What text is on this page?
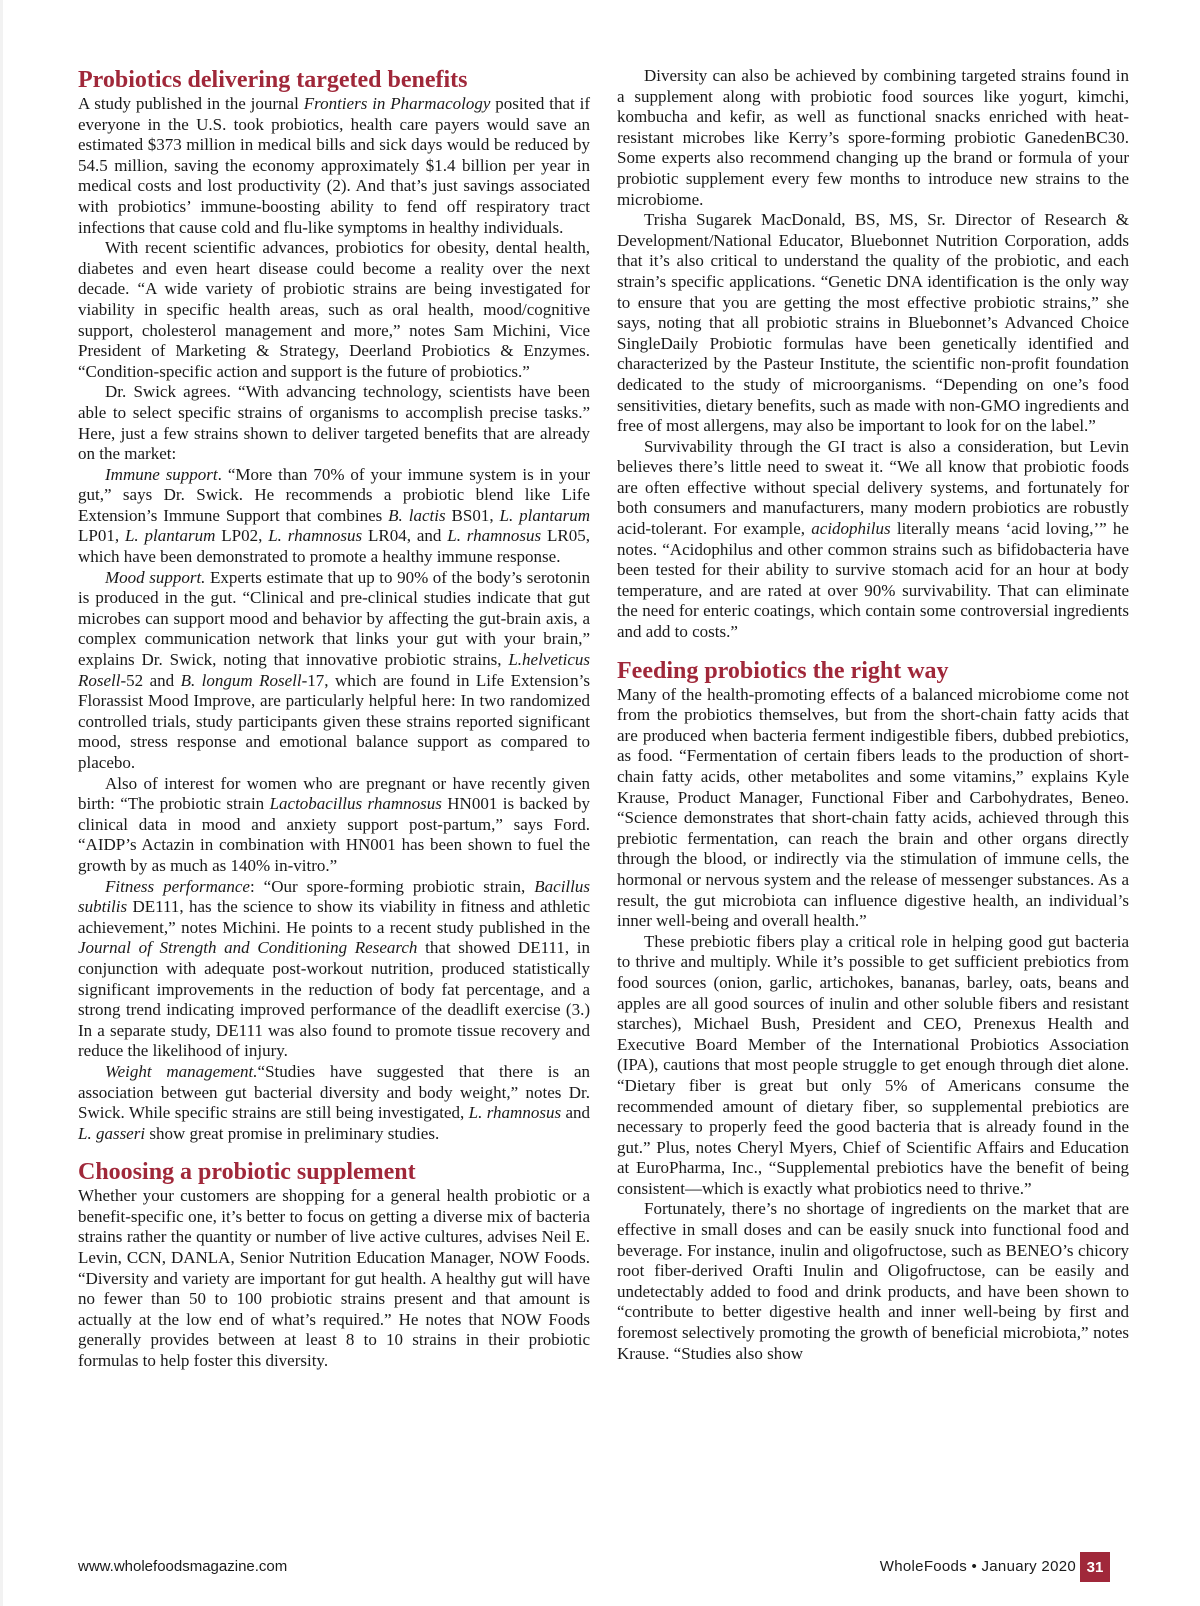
Probiotics delivering targeted benefits

A study published in the journal Frontiers in Pharmacology posited that if everyone in the U.S. took probiotics, health care payers would save an estimated $373 million in medical bills and sick days would be reduced by 54.5 million, saving the economy approximately $1.4 billion per year in medical costs and lost productivity (2). And that’s just savings associated with probiotics’ immune-boosting ability to fend off respiratory tract infections that cause cold and flu-like symptoms in healthy individuals.

With recent scientific advances, probiotics for obesity, dental health, diabetes and even heart disease could become a reality over the next decade. “A wide variety of probiotic strains are being investigated for viability in specific health areas, such as oral health, mood/cognitive support, cholesterol management and more,” notes Sam Michini, Vice President of Marketing & Strategy, Deerland Probiotics & Enzymes. “Condition-specific action and support is the future of probiotics.”

Dr. Swick agrees. “With advancing technology, scientists have been able to select specific strains of organisms to accomplish precise tasks.” Here, just a few strains shown to deliver targeted benefits that are already on the market:

Immune support. “More than 70% of your immune system is in your gut,” says Dr. Swick. He recommends a probiotic blend like Life Extension’s Immune Support that combines B. lactis BS01, L. plantarum LP01, L. plantarum LP02, L. rhamnosus LR04, and L. rhamnosus LR05, which have been demonstrated to promote a healthy immune response.

Mood support. Experts estimate that up to 90% of the body’s serotonin is produced in the gut. “Clinical and pre-clinical studies indicate that gut microbes can support mood and behavior by affecting the gut-brain axis, a complex communication network that links your gut with your brain,” explains Dr. Swick, noting that innovative probiotic strains, L.helveticus Rosell-52 and B. longum Rosell-17, which are found in Life Extension’s Florassist Mood Improve, are particularly helpful here: In two randomized controlled trials, study participants given these strains reported significant mood, stress response and emotional balance support as compared to placebo.

Also of interest for women who are pregnant or have recently given birth: “The probiotic strain Lactobacillus rhamnosus HN001 is backed by clinical data in mood and anxiety support post-partum,” says Ford. “AIDP’s Actazin in combination with HN001 has been shown to fuel the growth by as much as 140% in-vitro.”

Fitness performance: “Our spore-forming probiotic strain, Bacillus subtilis DE111, has the science to show its viability in fitness and athletic achievement,” notes Michini. He points to a recent study published in the Journal of Strength and Conditioning Research that showed DE111, in conjunction with adequate post-workout nutrition, produced statistically significant improvements in the reduction of body fat percentage, and a strong trend indicating improved performance of the deadlift exercise (3.) In a separate study, DE111 was also found to promote tissue recovery and reduce the likelihood of injury.

Weight management.“Studies have suggested that there is an association between gut bacterial diversity and body weight,” notes Dr. Swick. While specific strains are still being investigated, L. rhamnosus and L. gasseri show great promise in preliminary studies.

Choosing a probiotic supplement

Whether your customers are shopping for a general health probiotic or a benefit-specific one, it’s better to focus on getting a diverse mix of bacteria strains rather the quantity or number of live active cultures, advises Neil E. Levin, CCN, DANLA, Senior Nutrition Education Manager, NOW Foods. “Diversity and variety are important for gut health. A healthy gut will have no fewer than 50 to 100 probiotic strains present and that amount is actually at the low end of what’s required.” He notes that NOW Foods generally provides between at least 8 to 10 strains in their probiotic formulas to help foster this diversity.

Diversity can also be achieved by combining targeted strains found in a supplement along with probiotic food sources like yogurt, kimchi, kombucha and kefir, as well as functional snacks enriched with heat-resistant microbes like Kerry’s spore-forming probiotic GanedenBC30. Some experts also recommend changing up the brand or formula of your probiotic supplement every few months to introduce new strains to the microbiome.

Trisha Sugarek MacDonald, BS, MS, Sr. Director of Research & Development/National Educator, Bluebonnet Nutrition Corporation, adds that it’s also critical to understand the quality of the probiotic, and each strain’s specific applications. “Genetic DNA identification is the only way to ensure that you are getting the most effective probiotic strains,” she says, noting that all probiotic strains in Bluebonnet’s Advanced Choice SingleDaily Probiotic formulas have been genetically identified and characterized by the Pasteur Institute, the scientific non-profit foundation dedicated to the study of microorganisms. “Depending on one’s food sensitivities, dietary benefits, such as made with non-GMO ingredients and free of most allergens, may also be important to look for on the label.”

Survivability through the GI tract is also a consideration, but Levin believes there’s little need to sweat it. “We all know that probiotic foods are often effective without special delivery systems, and fortunately for both consumers and manufacturers, many modern probiotics are robustly acid-tolerant. For example, acidophilus literally means ‘acid loving,’” he notes. “Acidophilus and other common strains such as bifidobacteria have been tested for their ability to survive stomach acid for an hour at body temperature, and are rated at over 90% survivability. That can eliminate the need for enteric coatings, which contain some controversial ingredients and add to costs.”

Feeding probiotics the right way

Many of the health-promoting effects of a balanced microbiome come not from the probiotics themselves, but from the short-chain fatty acids that are produced when bacteria ferment indigestible fibers, dubbed prebiotics, as food. “Fermentation of certain fibers leads to the production of short-chain fatty acids, other metabolites and some vitamins,” explains Kyle Krause, Product Manager, Functional Fiber and Carbohydrates, Beneo. “Science demonstrates that short-chain fatty acids, achieved through this prebiotic fermentation, can reach the brain and other organs directly through the blood, or indirectly via the stimulation of immune cells, the hormonal or nervous system and the release of messenger substances. As a result, the gut microbiota can influence digestive health, an individual’s inner well-being and overall health.”

These prebiotic fibers play a critical role in helping good gut bacteria to thrive and multiply. While it’s possible to get sufficient prebiotics from food sources (onion, garlic, artichokes, bananas, barley, oats, beans and apples are all good sources of inulin and other soluble fibers and resistant starches), Michael Bush, President and CEO, Prenexus Health and Executive Board Member of the International Probiotics Association (IPA), cautions that most people struggle to get enough through diet alone. “Dietary fiber is great but only 5% of Americans consume the recommended amount of dietary fiber, so supplemental prebiotics are necessary to properly feed the good bacteria that is already found in the gut.” Plus, notes Cheryl Myers, Chief of Scientific Affairs and Education at EuroPharma, Inc., “Supplemental prebiotics have the benefit of being consistent—which is exactly what probiotics need to thrive.”

Fortunately, there’s no shortage of ingredients on the market that are effective in small doses and can be easily snuck into functional food and beverage. For instance, inulin and oligofructose, such as BENEO’s chicory root fiber-derived Orafti Inulin and Oligofructose, can be easily and undetectably added to food and drink products, and have been shown to “contribute to better digestive health and inner well-being by first and foremost selectively promoting the growth of beneficial microbiota,” notes Krause. “Studies also show

www.wholefoodsmagazine.com	WholeFoods • January 2020 31
